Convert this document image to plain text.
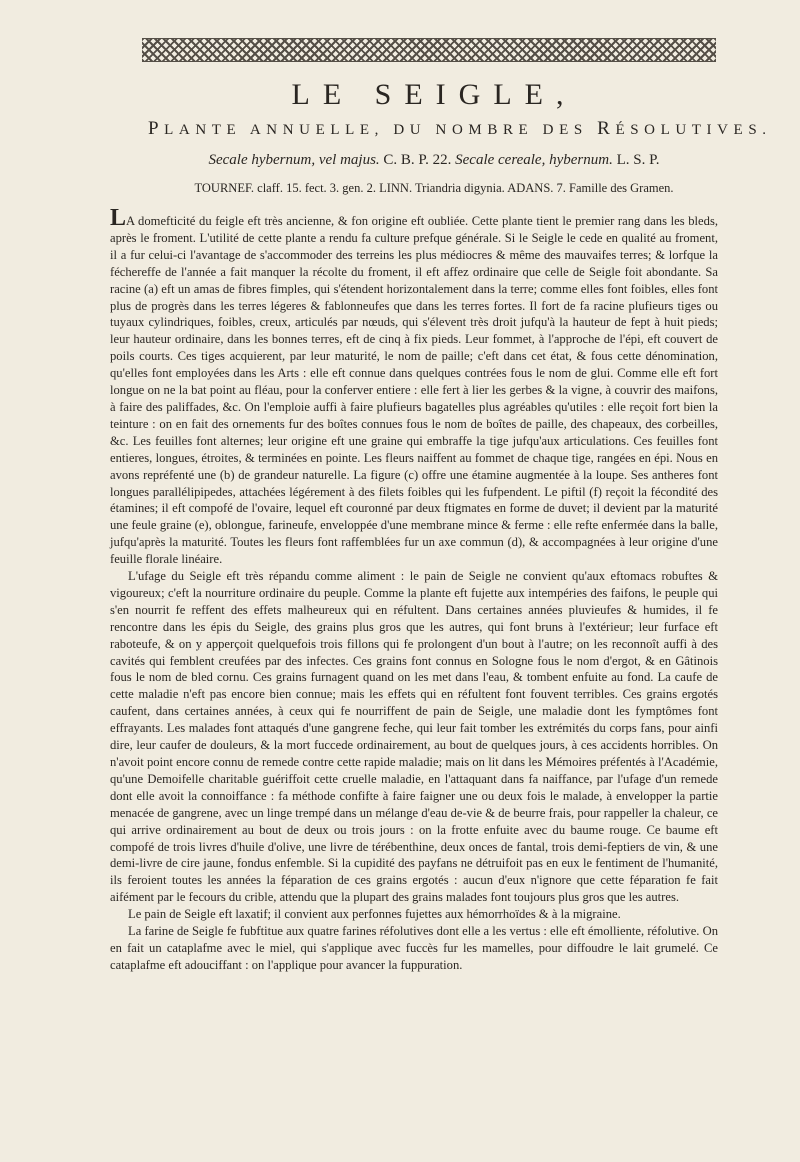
LE SEIGLE,
PLANTE ANNUELLE, DU NOMBRE DES RÉSOLUTIVES.
Secale hybernum, vel majus. C. B. P. 22. Secale cereale, hybernum. L. S. P.
TOURNEF. claff. 15. fect. 3. gen. 2. LINN. Triandria digynia. ADANS. 7. Famille des Gramen.

LA domefticité du feigle eft très ancienne, & fon origine eft oubliée. Cette plante tient le premier rang dans les bleds, après le froment. L'utilité de cette plante a rendu fa culture prefque générale. Si le Seigle le cede en qualité au froment, il a fur celui-ci l'avantage de s'accommoder des terreins les plus médiocres & même des mauvaifes terres; & lorfque la féchereffe de l'année a fait manquer la récolte du froment, il eft affez ordinaire que celle de Seigle foit abondante. Sa racine (a) eft un amas de fibres fimples, qui s'étendent horizontalement dans la terre; comme elles font foibles, elles font plus de progrès dans les terres légeres & fablonneufes que dans les terres fortes. Il fort de fa racine plufieurs tiges ou tuyaux cylindriques, foibles, creux, articulés par nœuds, qui s'élevent très droit jufqu'à la hauteur de fept à huit pieds; leur hauteur ordinaire, dans les bonnes terres, eft de cinq à fix pieds. Leur fommet, à l'approche de l'épi, eft couvert de poils courts. Ces tiges acquierent, par leur maturité, le nom de paille; c'eft dans cet état, & fous cette dénomination, qu'elles font employées dans les Arts : elle eft connue dans quelques contrées fous le nom de glui. Comme elle eft fort longue on ne la bat point au fléau, pour la conferver entiere : elle fert à lier les gerbes & la vigne, à couvrir des maifons, à faire des paliffades, &c. On l'emploie auffi à faire plufieurs bagatelles plus agréables qu'utiles : elle reçoit fort bien la teinture : on en fait des ornements fur des boîtes connues fous le nom de boîtes de paille, des chapeaux, des corbeilles, &c. Les feuilles font alternes; leur origine eft une graine qui embraffe la tige jufqu'aux articulations. Ces feuilles font entieres, longues, étroites, & terminées en pointe. Les fleurs naiffent au fommet de chaque tige, rangées en épi. Nous en avons repréfenté une (b) de grandeur naturelle. La figure (c) offre une étamine augmentée à la loupe. Ses antheres font longues parallélipipedes, attachées légérement à des filets foibles qui les fufpendent. Le piftil (f) reçoit la fécondité des étamines; il eft compofé de l'ovaire, lequel eft couronné par deux ftigmates en forme de duvet; il devient par la maturité une feule graine (e), oblongue, farineufe, enveloppée d'une membrane mince & ferme : elle refte enfermée dans la balle, jufqu'après la maturité. Toutes les fleurs font raffemblées fur un axe commun (d), & accompagnées à leur origine d'une feuille florale linéaire.

L'ufage du Seigle eft très répandu comme aliment : le pain de Seigle ne convient qu'aux eftomacs robuftes & vigoureux; c'eft la nourriture ordinaire du peuple. Comme la plante eft fujette aux intempéries des faifons, le peuple qui s'en nourrit fe reffent des effets malheureux qui en réfultent. Dans certaines années pluvieufes & humides, il fe rencontre dans les épis du Seigle, des grains plus gros que les autres, qui font bruns à l'extérieur; leur furface eft raboteufe, & on y apperçoit quelquefois trois fillons qui fe prolongent d'un bout à l'autre; on les reconnoît auffi à des cavités qui femblent creufées par des infectes. Ces grains font connus en Sologne fous le nom d'ergot, & en Gâtinois fous le nom de bled cornu. Ces grains furnagent quand on les met dans l'eau, & tombent enfuite au fond. La caufe de cette maladie n'eft pas encore bien connue; mais les effets qui en réfultent font fouvent terribles. Ces grains ergotés caufent, dans certaines années, à ceux qui fe nourriffent de pain de Seigle, une maladie dont les fymptômes font effrayants. Les malades font attaqués d'une gangrene feche, qui leur fait tomber les extrémités du corps fans, pour ainfi dire, leur caufer de douleurs, & la mort fuccede ordinairement, au bout de quelques jours, à ces accidents horribles. On n'avoit point encore connu de remede contre cette rapide maladie; mais on lit dans les Mémoires préfentés à l'Académie, qu'une Demoifelle charitable guériffoit cette cruelle maladie, en l'attaquant dans fa naiffance, par l'ufage d'un remede dont elle avoit la connoiffance : fa méthode confifte à faire faigner une ou deux fois le malade, à envelopper la partie menacée de gangrene, avec un linge trempé dans un mélange d'eau de-vie & de beurre frais, pour rappeller la chaleur, ce qui arrive ordinairement au bout de deux ou trois jours : on la frotte enfuite avec du baume rouge. Ce baume eft compofé de trois livres d'huile d'olive, une livre de térébenthine, deux onces de fantal, trois demi-feptiers de vin, & une demi-livre de cire jaune, fondus enfemble. Si la cupidité des payfans ne détruifoit pas en eux le fentiment de l'humanité, ils feroient toutes les années la féparation de ces grains ergotés : aucun d'eux n'ignore que cette féparation fe fait aifément par le fecours du crible, attendu que la plupart des grains malades font toujours plus gros que les autres.

Le pain de Seigle eft laxatif; il convient aux perfonnes fujettes aux hémorrhoïdes & à la migraine.

La farine de Seigle fe fubftitue aux quatre farines réfolutives dont elle a les vertus : elle eft émolliente, réfolutive. On en fait un cataplafme avec le miel, qui s'applique avec fuccès fur les mamelles, pour diffoudre le lait grumelé. Ce cataplafme eft adouciffant : on l'applique pour avancer la fuppuration.
